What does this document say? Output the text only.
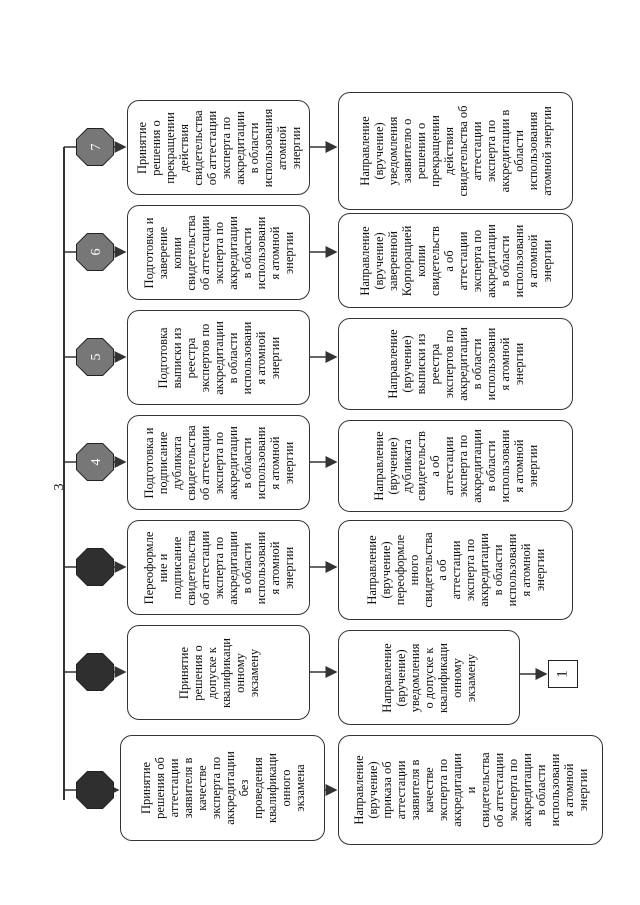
4
5
6
7
3
Принятие
решения об
аттестации
заявителя в
качестве
эксперта по
аккредитации
без
проведения
квалификаци
онного
экзамена
Принятие
решения о
допуске к
квалификаци
онному
экзамену
Переоформле
ние и
подписание
свидетельства
об аттестации
эксперта по
аккредитации
в области
использовани
я атомной
энергии
Подготовка и
подписание
дубликата
свидетельства
об аттестации
эксперта по
аккредитации
в области
использовани
я атомной
энергии
Подготовка
выписки из
реестра
экспертов по
аккредитации
в области
использовани
я атомной
энергии
Подготовка и
заверение
копии
свидетельства
об аттестации
эксперта по
аккредитации
в области
использовани
я атомной
энергии
Принятие
решения о
прекращении
действия
свидетельства
об аттестации
эксперта по
аккредитации
в области
использования
атомной
энергии
Направление
(вручение)
приказа об
аттестации
заявителя в
качестве
эксперта по
аккредитации
и
свидетельства
об аттестации
эксперта по
аккредитации
в области
использовани
я атомной
энергии
Направление
(вручение)
уведомления
о допуске к
квалификаци
онному
экзамену
Направление
(вручение)
переоформле
нного
свидетельства
а об
аттестации
эксперта по
аккредитации
в области
использовани
я атомной
энергии
Направление
(вручение)
дубликата
свидетельств
а об
аттестации
эксперта по
аккредитации
в области
использовани
я атомной
энергии
Направление
(вручение)
выписки из
реестра
экспертов по
аккредитации
в области
использовани
я атомной
энергии
Направление
(вручение)
заверенной
Корпорацией
копии
свидетельств
а об
аттестации
эксперта по
аккредитации
в области
использовани
я атомной
энергии
Направление
(вручение)
уведомления
заявителю о
решении о
прекращении
действия
свидетельства об
аттестации
эксперта по
аккредитации в
области
использования
атомной энергии
1
